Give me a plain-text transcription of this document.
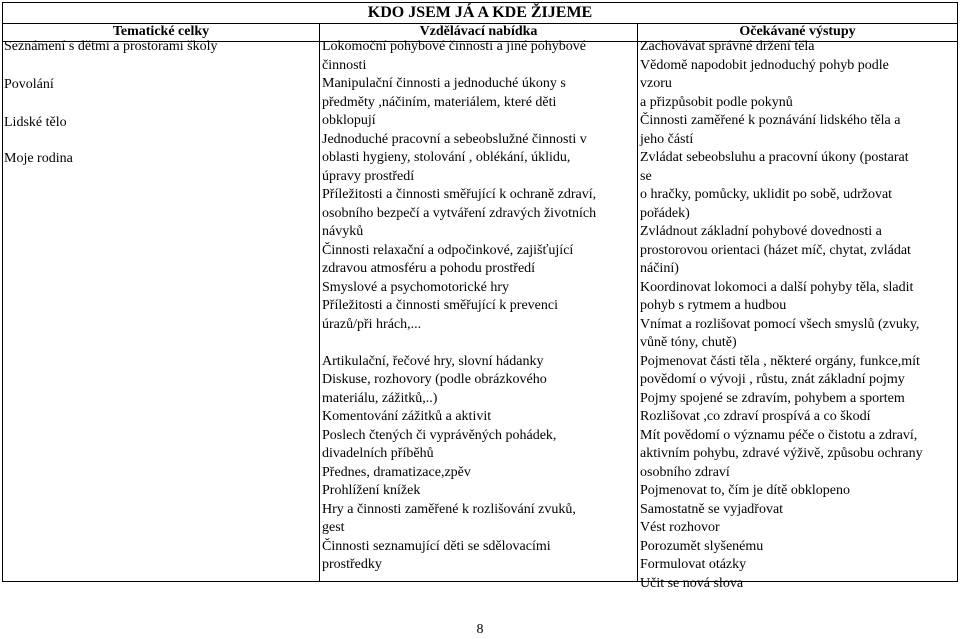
KDO JSEM JÁ A KDE ŽIJEME
Tematické celky	Vzdělávací nabídka	Očekávané výstupy
Seznámení s dětmi a prostorami školy
Povolání
Lidské tělo
Moje rodina
Lokomoční pohybové činnosti a jiné pohybové
činnosti
Manipulační činnosti a jednoduché úkony s
předměty ,náčiním, materiálem, které děti
obklopují
Jednoduché pracovní a sebeobslužné činnosti v
oblasti hygieny, stolování , oblékání, úklidu,
úpravy prostředí
Příležitosti a činnosti směřující k ochraně zdraví,
osobního bezpečí a vytváření zdravých životních
návyků
Činnosti relaxační a odpočinkové, zajišťující
zdravou atmosféru a pohodu prostředí
Smyslové a psychomotorické hry
Příležitosti a činnosti směřující k prevenci
úrazů/při hrách,...
Artikulační, řečové hry, slovní hádanky
Diskuse, rozhovory (podle obrázkového
materiálu, zážitků,..)
Komentování zážitků a aktivit
Poslech čtených či vyprávěných pohádek,
divadelních příběhů
Přednes, dramatizace,zpěv
Prohlížení knížek
Hry a činnosti zaměřené k rozlišování zvuků,
gest
Činnosti seznamující děti se sdělovacími
prostředky
Zachovávat správné držení těla
Vědomě napodobit jednoduchý pohyb podle
vzoru
a přizpůsobit podle pokynů
Činnosti zaměřené k poznávání lidského těla a
jeho částí
Zvládat sebeobsluhu a pracovní úkony (postarat
se
o hračky, pomůcky, uklidit po sobě, udržovat
pořádek)
Zvládnout základní pohybové dovednosti a
prostorovou orientaci (házet míč, chytat, zvládat
náčiní)
Koordinovat lokomoci a další pohyby těla, sladit
pohyb s rytmem a hudbou
Vnímat a rozlišovat pomocí všech smyslů (zvuky,
vůně tóny, chutě)
Pojmenovat části těla , některé orgány, funkce,mít
povědomí o vývoji , růstu, znát základní pojmy
Pojmy spojené se zdravím, pohybem a sportem
Rozlišovat ,co zdraví prospívá a co škodí
Mít povědomí o významu péče o čistotu a zdraví,
aktivním pohybu, zdravé výživě, způsobu ochrany
osobního zdraví
Pojmenovat to, čím je dítě obklopeno
Samostatně se vyjadřovat
Vést rozhovor
Porozumět slyšenému
Formulovat otázky
Učit se nová slova
8
